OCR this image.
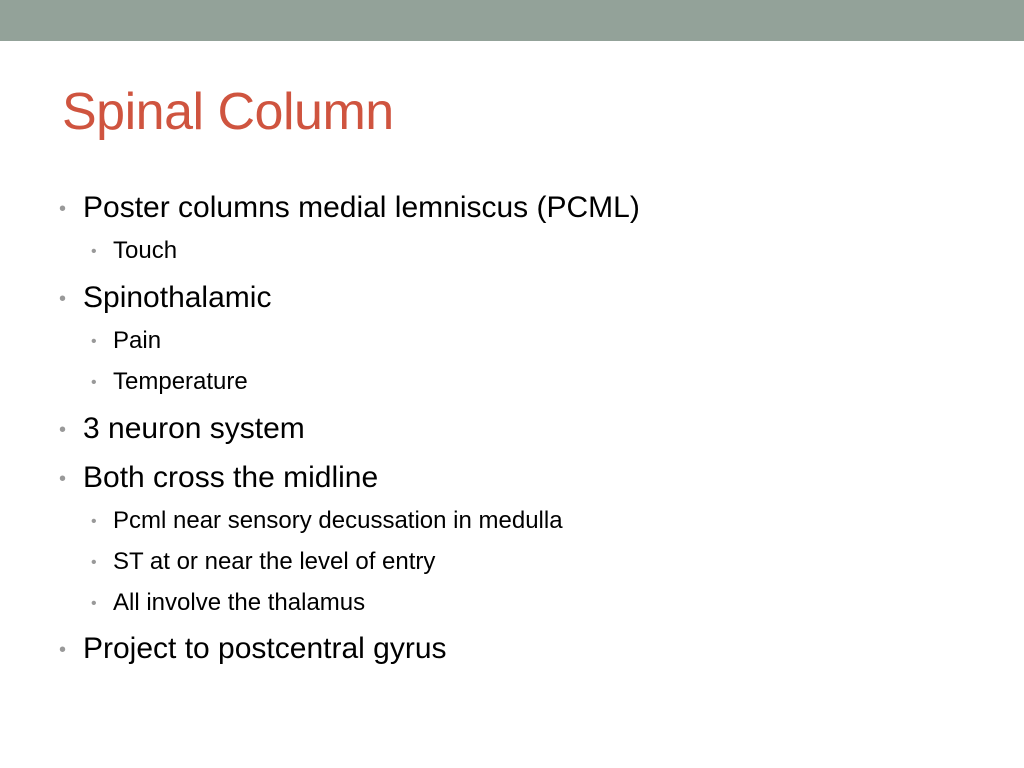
Spinal Column
• Poster columns medial lemniscus (PCML)
• Touch
• Spinothalamic
• Pain
• Temperature
• 3 neuron system
• Both cross the midline
• Pcml near sensory decussation in medulla
• ST at or near the level of entry
• All involve the thalamus
• Project to postcentral gyrus
